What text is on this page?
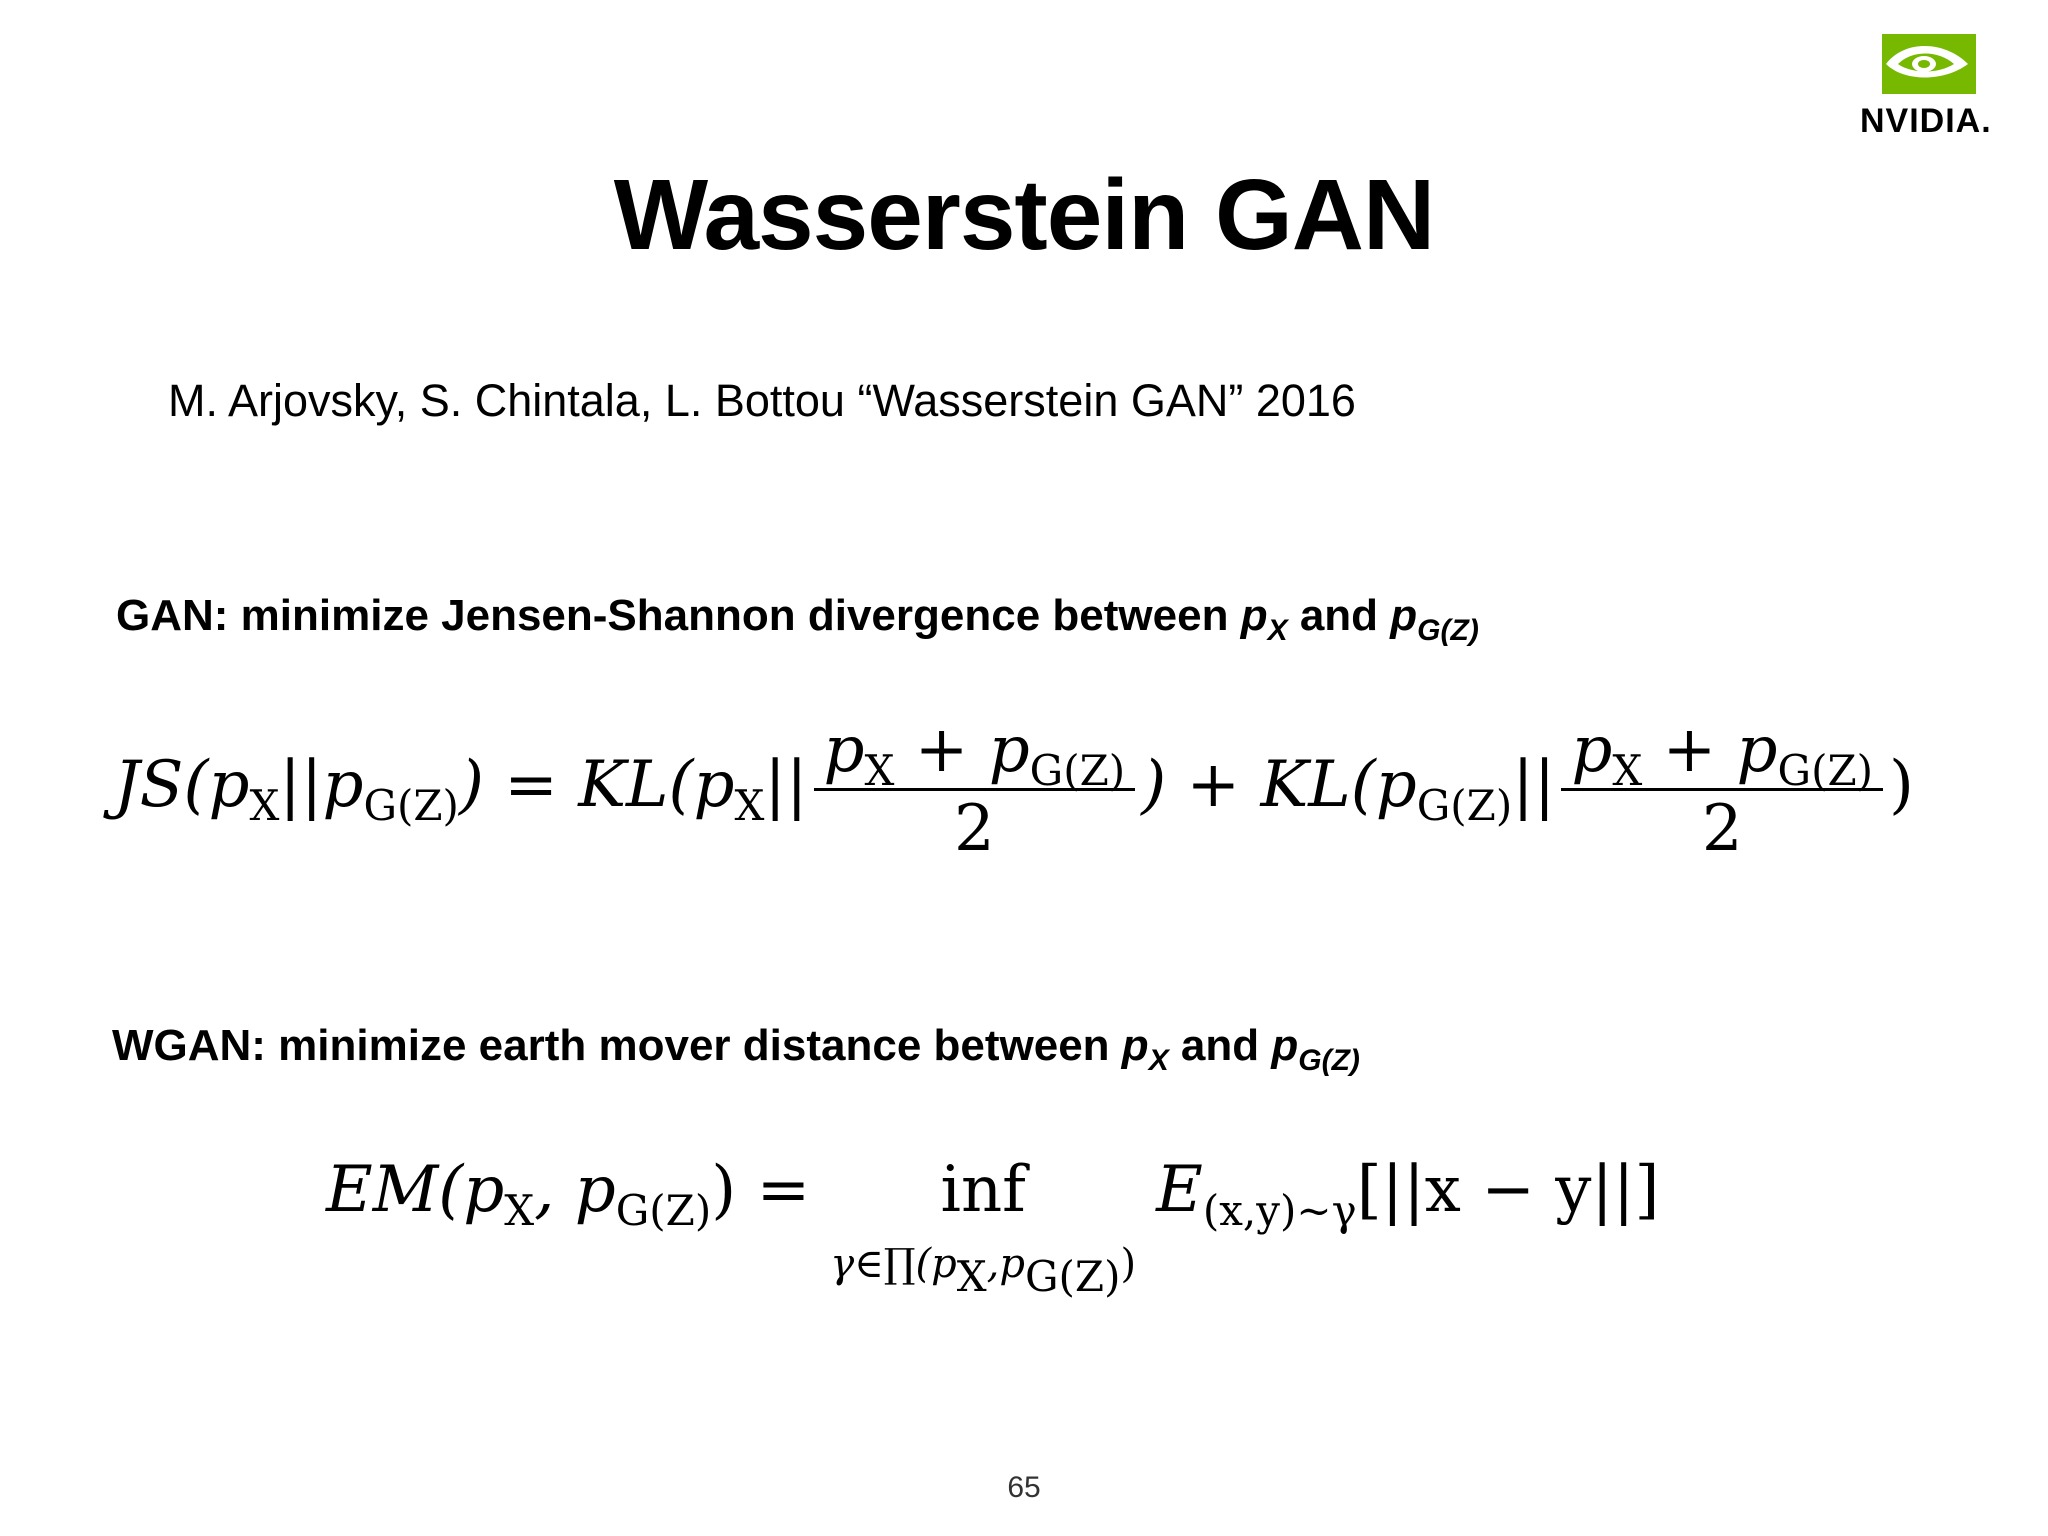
NVIDIA.
Wasserstein GAN
M. Arjovsky, S. Chintala, L. Bottou “Wasserstein GAN” 2016
GAN: minimize Jensen-Shannon divergence between $p_X$ and $p_{G(Z)}$
$JS(p_X||p_{G(Z)}) = KL(p_X|| \frac{p_X + p_{G(Z)}}{2}$ ) + $KL(p_{G(Z)}|| \frac{p_X + p_{G(Z)}}{2}$ )
WGAN: minimize earth mover distance between $p_X$ and $p_{G(Z)}$
$EM(p_X$, $p_{G(Z)}$) =	inf
γ∈∏(pX,pG(Z))
$E_{(x,y)\sim\gamma}[||x - y||]$
65
